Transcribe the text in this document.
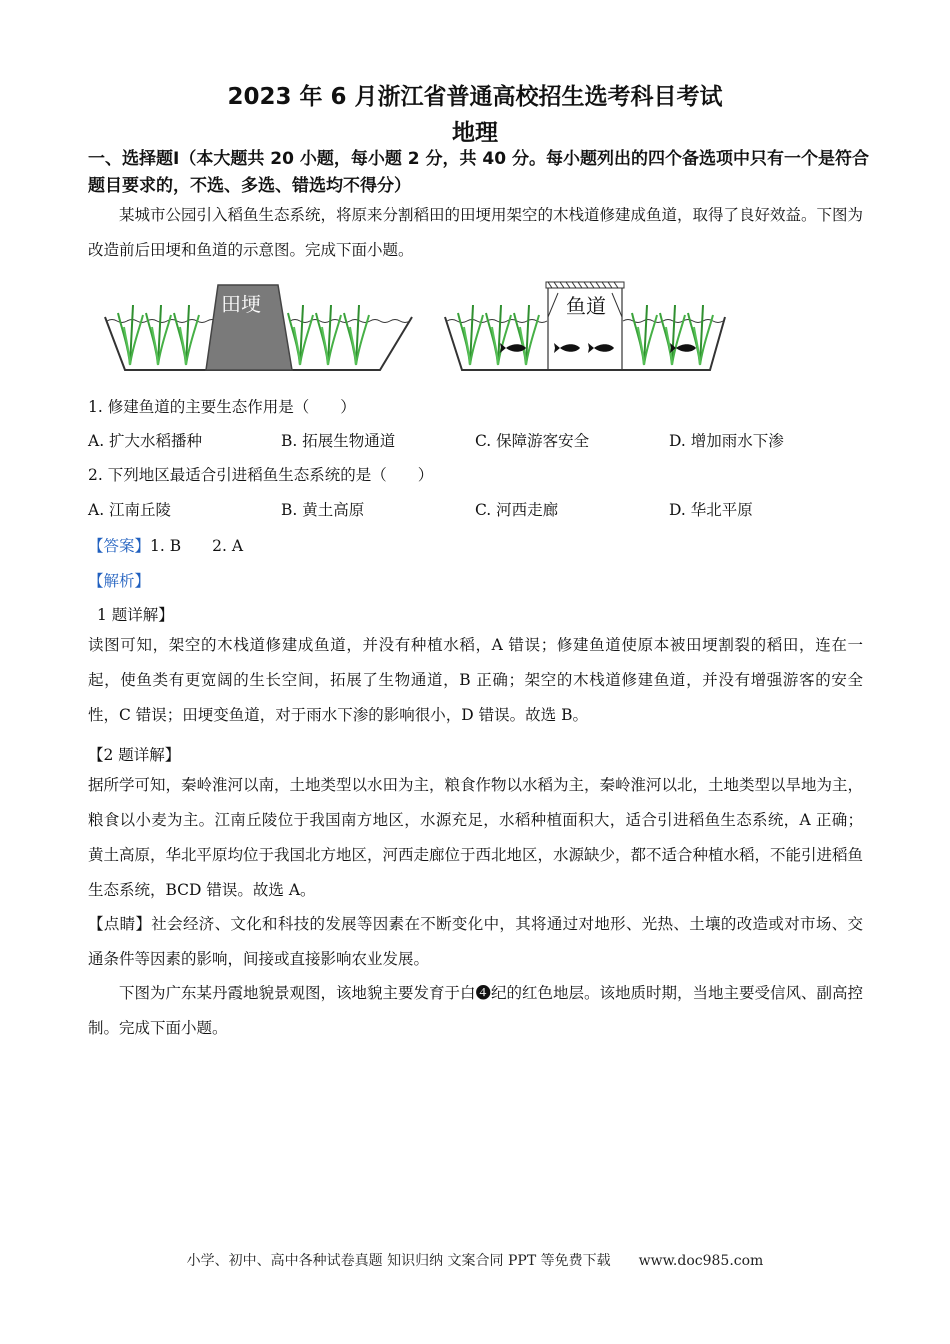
2023 年 6 月浙江省普通高校招生选考科目考试
地理
一、选择题Ⅰ（本大题共 20 小题，每小题 2 分，共 40 分。每小题列出的四个备选项中只有一个是符合题目要求的，不选、多选、错选均不得分）
某城市公园引入稻鱼生态系统，将原来分割稻田的田埂用架空的木栈道修建成鱼道，取得了良好效益。下图为改造前后田埂和鱼道的示意图。完成下面小题。
田埂	鱼道
1. 修建鱼道的主要生态作用是（　　）
A. 扩大水稻播种	B. 拓展生物通道	C. 保障游客安全	D. 增加雨水下渗
2. 下列地区最适合引进稻鱼生态系统的是（　　）
A. 江南丘陵	B. 黄土高原	C. 河西走廊	D. 华北平原
【答案】1. B　　2. A
【解析】
1 题详解】
读图可知，架空的木栈道修建成鱼道，并没有种植水稻，A 错误；修建鱼道使原本被田埂割裂的稻田，连在一起，使鱼类有更宽阔的生长空间，拓展了生物通道，B 正确；架空的木栈道修建鱼道，并没有增强游客的安全性，C 错误；田埂变鱼道，对于雨水下渗的影响很小，D 错误。故选 B。
【2 题详解】
据所学可知，秦岭淮河以南，土地类型以水田为主，粮食作物以水稻为主，秦岭淮河以北，土地类型以旱地为主，粮食以小麦为主。江南丘陵位于我国南方地区，水源充足，水稻种植面积大，适合引进稻鱼生态系统，A 正确；黄土高原，华北平原均位于我国北方地区，河西走廊位于西北地区，水源缺少，都不适合种植水稻，不能引进稻鱼生态系统，BCD 错误。故选 A。
【点睛】社会经济、文化和科技的发展等因素在不断变化中，其将通过对地形、光热、土壤的改造或对市场、交通条件等因素的影响，间接或直接影响农业发展。
下图为广东某丹霞地貌景观图，该地貌主要发育于白❹纪的红色地层。该地质时期，当地主要受信风、副高控制。完成下面小题。
小学、初中、高中各种试卷真题 知识归纳 文案合同 PPT 等免费下载　　www.doc985.com
